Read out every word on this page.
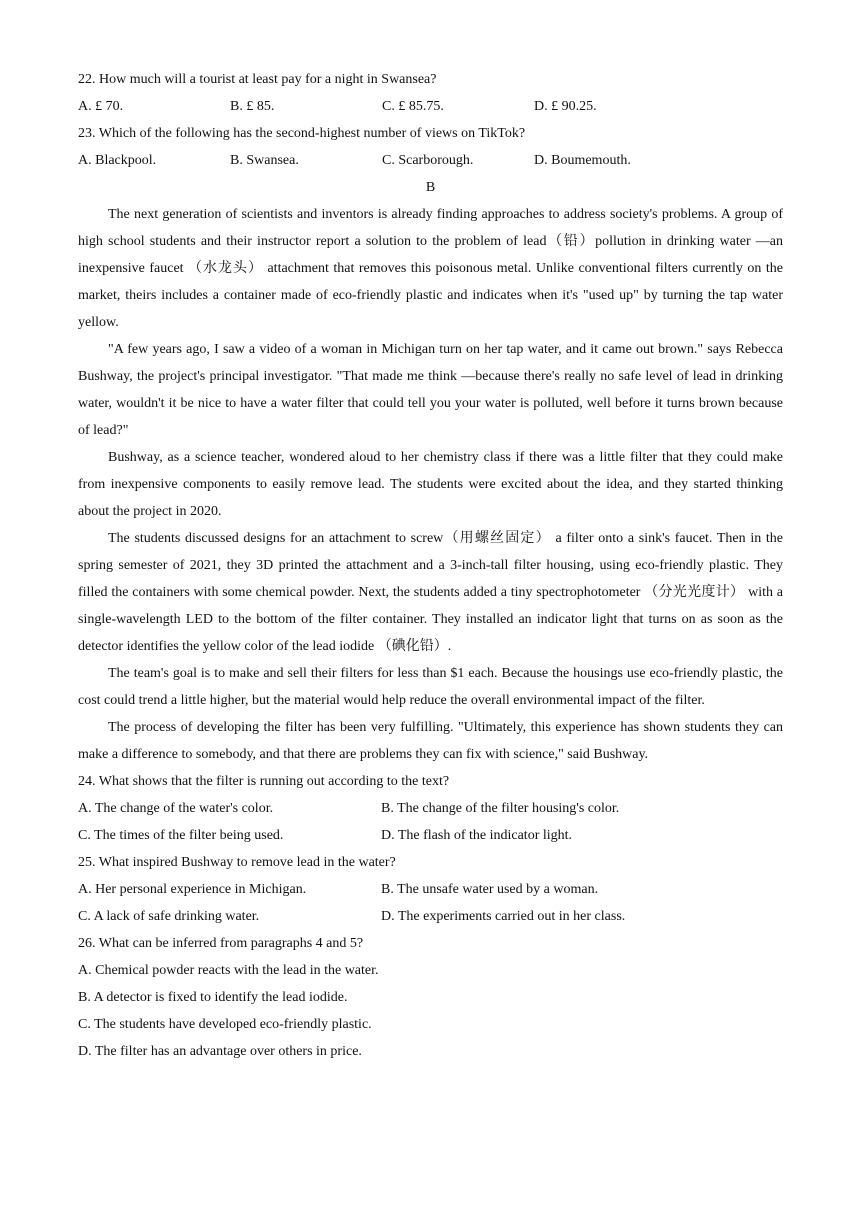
22. How much will a tourist at least pay for a night in Swansea?
A. £ 70.	B. £ 85.	C. £ 85.75.	D. £ 90.25.
23. Which of the following has the second-highest number of views on TikTok?
A. Blackpool.	B. Swansea.	C. Scarborough.	D. Boumemouth.
B

The next generation of scientists and inventors is already finding approaches to address society's problems. A group of high school students and their instructor report a solution to the problem of lead（铅）pollution in drinking water —an inexpensive faucet （水龙头） attachment that removes this poisonous metal. Unlike conventional filters currently on the market, theirs includes a container made of eco-friendly plastic and indicates when it's "used up" by turning the tap water yellow.

"A few years ago, I saw a video of a woman in Michigan turn on her tap water, and it came out brown." says Rebecca Bushway, the project's principal investigator. "That made me think —because there's really no safe level of lead in drinking water, wouldn't it be nice to have a water filter that could tell you your water is polluted, well before it turns brown because of lead?"

Bushway, as a science teacher, wondered aloud to her chemistry class if there was a little filter that they could make from inexpensive components to easily remove lead. The students were excited about the idea, and they started thinking about the project in 2020.

The students discussed designs for an attachment to screw（用螺丝固定） a filter onto a sink's faucet. Then in the spring semester of 2021, they 3D printed the attachment and a 3-inch-tall filter housing, using eco-friendly plastic. They filled the containers with some chemical powder. Next, the students added a tiny spectrophotometer （分光光度计） with a single-wavelength LED to the bottom of the filter container. They installed an indicator light that turns on as soon as the detector identifies the yellow color of the lead iodide （碘化铅）.

The team's goal is to make and sell their filters for less than $1 each. Because the housings use eco-friendly plastic, the cost could trend a little higher, but the material would help reduce the overall environmental impact of the filter.

The process of developing the filter has been very fulfilling. "Ultimately, this experience has shown students they can make a difference to somebody, and that there are problems they can fix with science," said Bushway.

24. What shows that the filter is running out according to the text?
A. The change of the water's color.	B. The change of the filter housing's color.
C. The times of the filter being used.	D. The flash of the indicator light.
25. What inspired Bushway to remove lead in the water?
A. Her personal experience in Michigan.	B. The unsafe water used by a woman.
C. A lack of safe drinking water.	D. The experiments carried out in her class.
26. What can be inferred from paragraphs 4 and 5?
A. Chemical powder reacts with the lead in the water.
B. A detector is fixed to identify the lead iodide.
C. The students have developed eco-friendly plastic.
D. The filter has an advantage over others in price.
